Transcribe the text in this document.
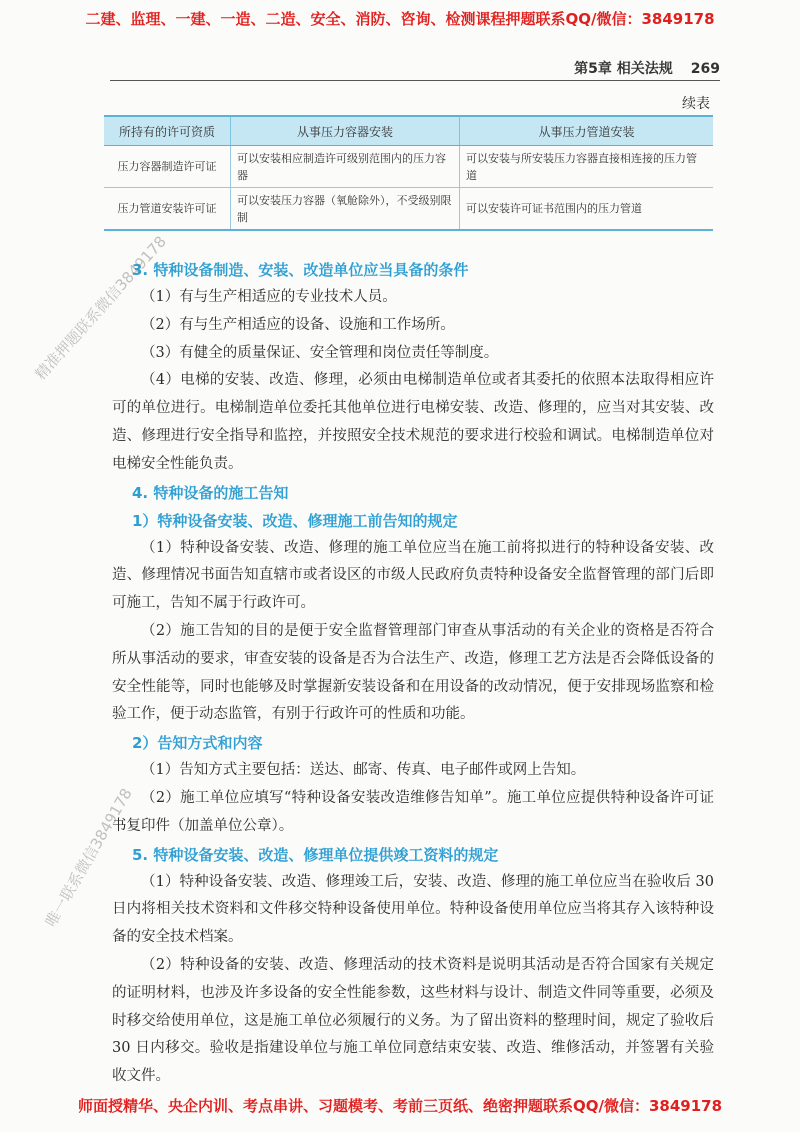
二建、监理、一建、一造、二造、安全、消防、咨询、检测课程押题联系QQ/微信：3849178
第5章 相关法规 269
续表
所持有的许可资质	从事压力容器安装	从事压力管道安装
压力容器制造许可证	可以安装相应制造许可级别范围内的压力容器	可以安装与所安装压力容器直接相连接的压力管道
压力管道安装许可证	可以安装压力容器（氧舱除外），不受级别限制	可以安装许可证书范围内的压力管道
3. 特种设备制造、安装、改造单位应当具备的条件

（1）有与生产相适应的专业技术人员。

（2）有与生产相适应的设备、设施和工作场所。

（3）有健全的质量保证、安全管理和岗位责任等制度。

（4）电梯的安装、改造、修理，必须由电梯制造单位或者其委托的依照本法取得相应许可的单位进行。电梯制造单位委托其他单位进行电梯安装、改造、修理的，应当对其安装、改造、修理进行安全指导和监控，并按照安全技术规范的要求进行校验和调试。电梯制造单位对电梯安全性能负责。

4. 特种设备的施工告知
1）特种设备安装、改造、修理施工前告知的规定

（1）特种设备安装、改造、修理的施工单位应当在施工前将拟进行的特种设备安装、改造、修理情况书面告知直辖市或者设区的市级人民政府负责特种设备安全监督管理的部门后即可施工，告知不属于行政许可。

（2）施工告知的目的是便于安全监督管理部门审查从事活动的有关企业的资格是否符合所从事活动的要求，审查安装的设备是否为合法生产、改造，修理工艺方法是否会降低设备的安全性能等，同时也能够及时掌握新安装设备和在用设备的改动情况，便于安排现场监察和检验工作，便于动态监管，有别于行政许可的性质和功能。

2）告知方式和内容

（1）告知方式主要包括：送达、邮寄、传真、电子邮件或网上告知。

（2）施工单位应填写“特种设备安装改造维修告知单”。施工单位应提供特种设备许可证书复印件（加盖单位公章）。

5. 特种设备安装、改造、修理单位提供竣工资料的规定

（1）特种设备安装、改造、修理竣工后，安装、改造、修理的施工单位应当在验收后 30 日内将相关技术资料和文件移交特种设备使用单位。特种设备使用单位应当将其存入该特种设备的安全技术档案。

（2）特种设备的安装、改造、修理活动的技术资料是说明其活动是否符合国家有关规定的证明材料，也涉及许多设备的安全性能参数，这些材料与设计、制造文件同等重要，必须及时移交给使用单位，这是施工单位必须履行的义务。为了留出资料的整理时间，规定了验收后 30 日内移交。验收是指建设单位与施工单位同意结束安装、改造、维修活动，并签署有关验收文件。

精准押题联系微信3849178
唯一联系微信3849178
师面授精华、央企内训、考点串讲、习题模考、考前三页纸、绝密押题联系QQ/微信：3849178
